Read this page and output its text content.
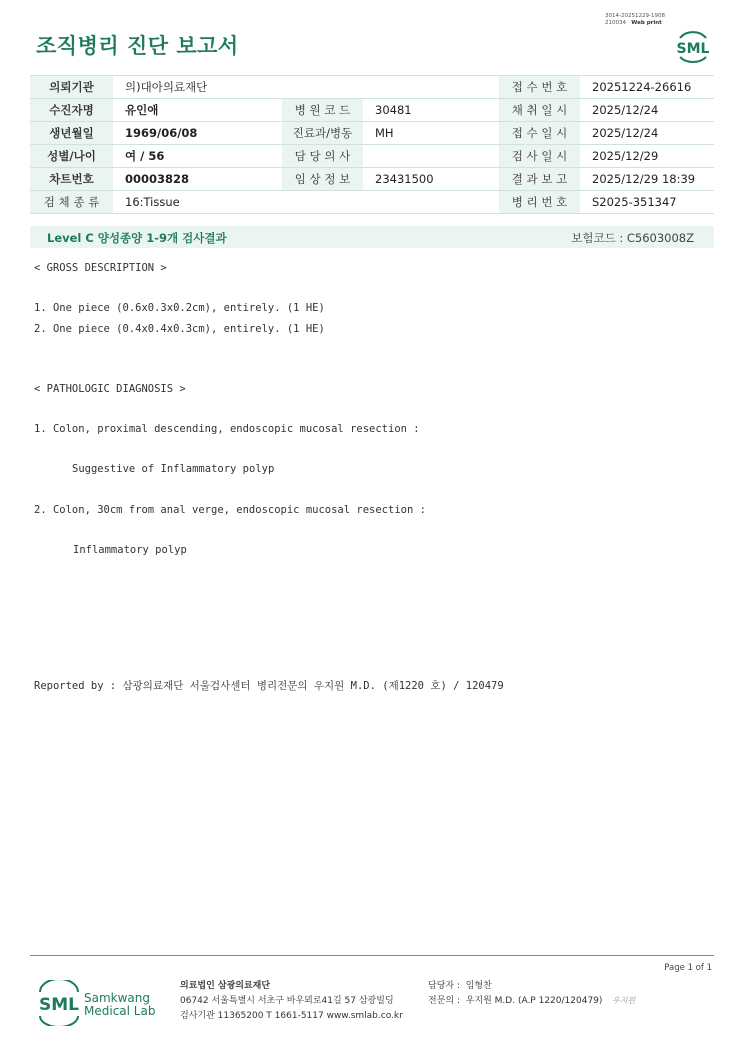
조직병리 진단 보고서
3014-20251229-1908
210034 Web print
SML
의뢰기관	의)대아의료재단			접 수 번 호	20251224-26616
수진자명	유인애	병 원 코 드	30481	채 취 일 시	2025/12/24
생년월일	1969/06/08	진료과/병동	MH	접 수 일 시	2025/12/24
성별/나이	여 / 56	담 당 의 사		검 사 일 시	2025/12/29
차트번호	00003828	임 상 정 보	23431500	결 과 보 고	2025/12/29 18:39
검 체 종 류	16:Tissue			병 리 번 호	S2025-351347
Level C 양성종양 1-9개 검사결과	보험코드 : C5603008Z
< GROSS DESCRIPTION >
1. One piece (0.6x0.3x0.2cm), entirely. (1 HE)
2. One piece (0.4x0.4x0.3cm), entirely. (1 HE)
< PATHOLOGIC DIAGNOSIS >
1. Colon, proximal descending, endoscopic mucosal resection :
Suggestive of Inflammatory polyp
2. Colon, 30cm from anal verge, endoscopic mucosal resection :
Inflammatory polyp
Reported by : 삼광의료재단 서울검사센터 병리전문의 우지원 M.D. (제1220 호) / 120479
Page 1 of 1
SML Samkwang
Medical Lab
의료법인 삼광의료재단
06742 서울특별시 서초구 바우뫼로41길 57 삼광빌딩
검사기관 11365200 T 1661-5117 www.smlab.co.kr
담당자 : 임형찬
전문의 : 우지원 M.D. (A.P 1220/120479) 우지원
